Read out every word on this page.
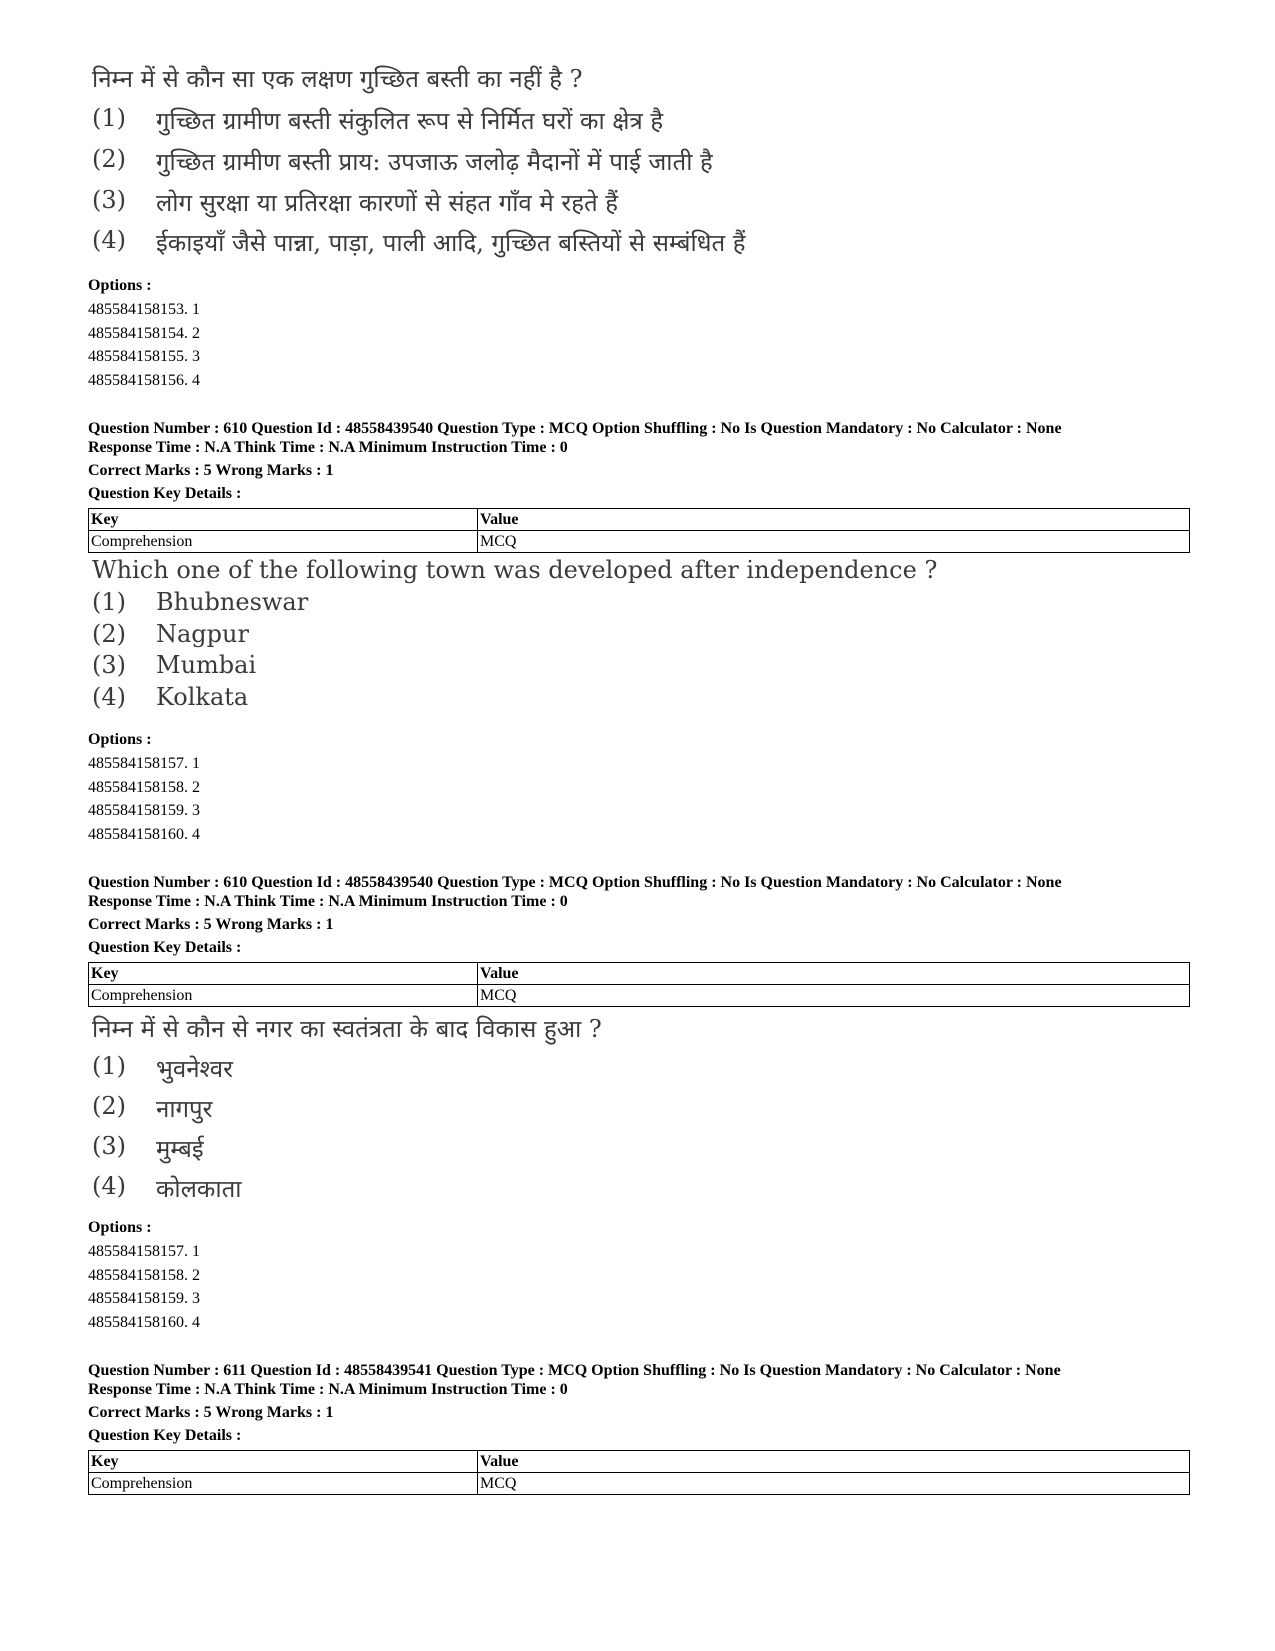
निम्न में से कौन सा एक लक्षण गुच्छित बस्ती का नहीं है ?
(1) गुच्छित ग्रामीण बस्ती संकुलित रूप से निर्मित घरों का क्षेत्र है
(2) गुच्छित ग्रामीण बस्ती प्राय: उपजाऊ जलोढ़ मैदानों में पाई जाती है
(3) लोग सुरक्षा या प्रतिरक्षा कारणों से संहत गाँव मे रहते हैं
(4) ईकाइयाँ जैसे पान्ना, पाड़ा, पाली आदि, गुच्छित बस्तियों से सम्बंधित हैं
Options :
485584158153. 1
485584158154. 2
485584158155. 3
485584158156. 4
Question Number : 610 Question Id : 48558439540 Question Type : MCQ Option Shuffling : No Is Question Mandatory : No Calculator : None
Response Time : N.A Think Time : N.A Minimum Instruction Time : 0
Correct Marks : 5 Wrong Marks : 1
Question Key Details :
Key	Value
Comprehension	MCQ
Which one of the following town was developed after independence ?
(1) Bhubneswar
(2) Nagpur
(3) Mumbai
(4) Kolkata
Options :
485584158157. 1
485584158158. 2
485584158159. 3
485584158160. 4
Question Number : 610 Question Id : 48558439540 Question Type : MCQ Option Shuffling : No Is Question Mandatory : No Calculator : None
Response Time : N.A Think Time : N.A Minimum Instruction Time : 0
Correct Marks : 5 Wrong Marks : 1
Question Key Details :
Key	Value
Comprehension	MCQ
निम्न में से कौन से नगर का स्वतंत्रता के बाद विकास हुआ ?
(1) भुवनेश्वर
(2) नागपुर
(3) मुम्बई
(4) कोलकाता
Options :
485584158157. 1
485584158158. 2
485584158159. 3
485584158160. 4
Question Number : 611 Question Id : 48558439541 Question Type : MCQ Option Shuffling : No Is Question Mandatory : No Calculator : None
Response Time : N.A Think Time : N.A Minimum Instruction Time : 0
Correct Marks : 5 Wrong Marks : 1
Question Key Details :
Key	Value
Comprehension	MCQ
